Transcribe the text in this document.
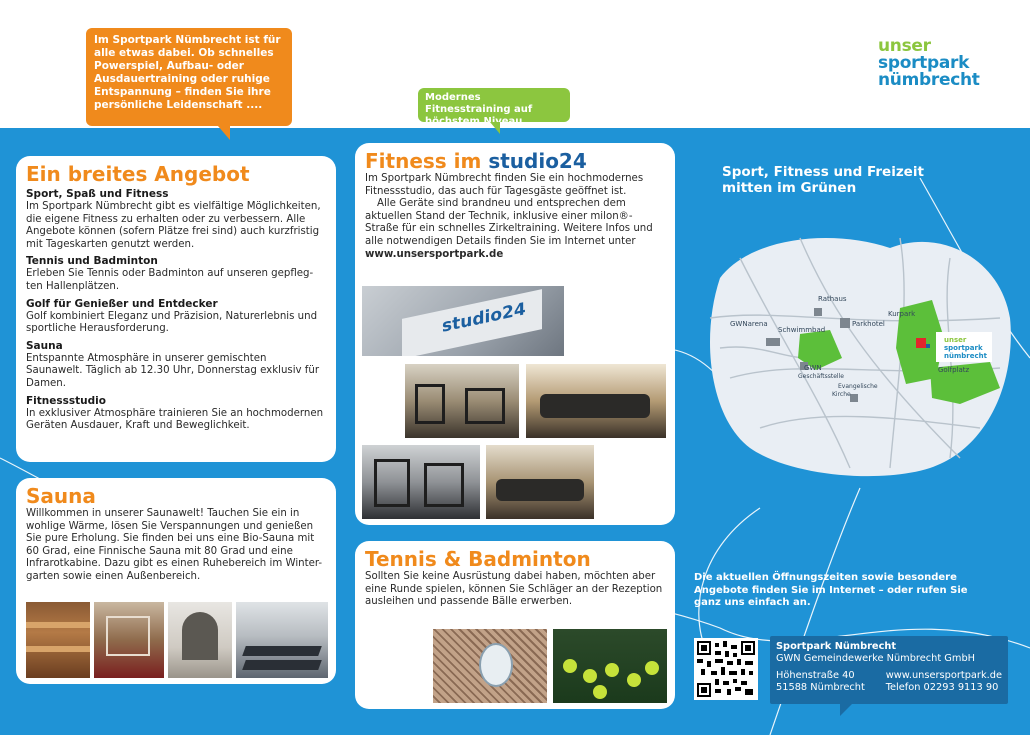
unser
sportpark
nümbrecht
Im Sportpark Nümbrecht ist für alle etwas dabei. Ob schnelles Powerspiel, Aufbau- oder Ausdauertraining oder ruhige Entspannung – finden Sie ihre persönliche Leidenschaft ....
Modernes Fitnesstraining auf höchstem Niveau.
Ein breites Angebot
Sport, Spaß und Fitness

Im Sportpark Nümbrecht gibt es vielfältige Möglichkeiten, die eigene Fitness zu erhalten oder zu verbessern. Alle Angebote können (sofern Plätze frei sind) auch kurzfristig mit Tageskarten genutzt werden.

Tennis und Badminton

Erleben Sie Tennis oder Badminton auf unseren gepfleg-ten Hallenplätzen.

Golf für Genießer und Entdecker

Golf kombiniert Eleganz und Präzision, Naturerlebnis und sportliche Herausforderung.

Sauna

Entspannte Atmosphäre in unserer gemischten Saunawelt. Täglich ab 12.30 Uhr, Donnerstag exklusiv für Damen.

Fitnessstudio

In exklusiver Atmosphäre trainieren Sie an hochmodernen Geräten Ausdauer, Kraft und Beweglichkeit.

Sauna

Willkommen in unserer Saunawelt! Tauchen Sie ein in wohlige Wärme, lösen Sie Verspannungen und genießen Sie pure Erholung. Sie finden bei uns eine Bio-Sauna mit 60 Grad, eine Finnische Sauna mit 80 Grad und eine Infrarotkabine. Dazu gibt es einen Ruhebereich im Winter-garten sowie einen Außenbereich.

Fitness im studio24

Im Sportpark Nümbrecht finden Sie ein hochmodernes Fitnessstudio, das auch für Tagesgäste geöffnet ist.

Alle Geräte sind brandneu und entsprechen dem aktuellen Stand der Technik, inklusive einer milon®-Straße für ein schnelles Zirkeltraining. Weitere Infos und alle notwendigen Details finden Sie im Internet unter www.unsersportpark.de

studio24
Tennis & Badminton

Sollten Sie keine Ausrüstung dabei haben, möchten aber eine Runde spielen, können Sie Schläger an der Rezeption ausleihen und passende Bälle erwerben.

Sport, Fitness und Freizeit mitten im Grünen
Rathaus
GWNarena
Schwimmbad
Parkhotel
Kurpark
GWN
Geschäftsstelle
Evangelische
Kirche
Golfplatz
unser
sportpark
nümbrecht
Die aktuellen Öffnungszeiten sowie besondere Angebote finden Sie im Internet – oder rufen Sie ganz uns einfach an.
Sportpark Nümbrecht
GWN Gemeindewerke Nümbrecht GmbH
Höhenstraße 40
51588 Nümbrecht
www.unsersportpark.de
Telefon 02293 9113 90
